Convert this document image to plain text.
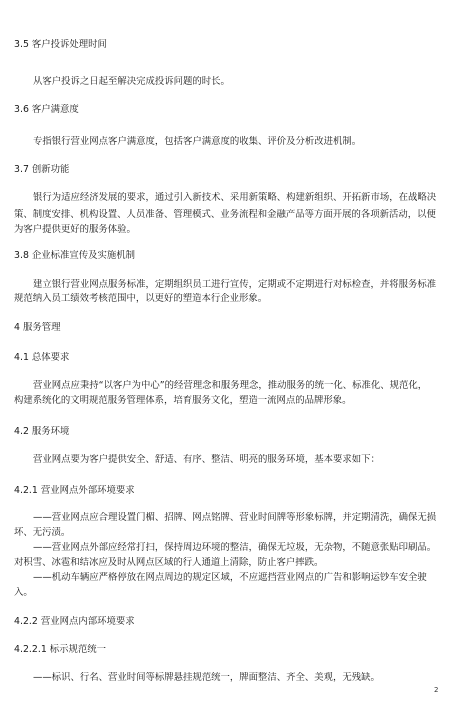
3.5 客户投诉处理时间
从客户投诉之日起至解决完成投诉问题的时长。
3.6 客户满意度
专指银行营业网点客户满意度，包括客户满意度的收集、评价及分析改进机制。
3.7 创新功能
银行为适应经济发展的要求，通过引入新技术、采用新策略、构建新组织、开拓新市场，在战略决
策、制度安排、机构设置、人员准备、管理模式、业务流程和金融产品等方面开展的各项新活动，以便
为客户提供更好的服务体验。
3.8 企业标准宣传及实施机制
建立银行营业网点服务标准，定期组织员工进行宣传，定期或不定期进行对标检查，并将服务标准
规范纳入员工绩效考核范围中，以更好的塑造本行企业形象。
4 服务管理
4.1 总体要求
营业网点应秉持“以客户为中心”的经营理念和服务理念，推动服务的统一化、标准化、规范化，
构建系统化的文明规范服务管理体系，培育服务文化，塑造一流网点的品牌形象。
4.2 服务环境
营业网点要为客户提供安全、舒适、有序、整洁、明亮的服务环境，基本要求如下：
4.2.1 营业网点外部环境要求
——营业网点应合理设置门楣、招牌、网点铭牌、营业时间牌等形象标牌，并定期清洗，确保无损
坏、无污渍。
——营业网点外部应经常打扫，保持周边环境的整洁，确保无垃圾，无杂物，不随意张贴印刷品。
对积雪、冰雹和结冰应及时从网点区域的行人通道上清除，防止客户摔跌。
——机动车辆应严格停放在网点周边的规定区域，不应遮挡营业网点的广告和影响运钞车安全驶
入。
4.2.2 营业网点内部环境要求
4.2.2.1 标示规范统一
——标识、行名、营业时间等标牌悬挂规范统一，牌面整洁、齐全、美观，无残缺。
2
